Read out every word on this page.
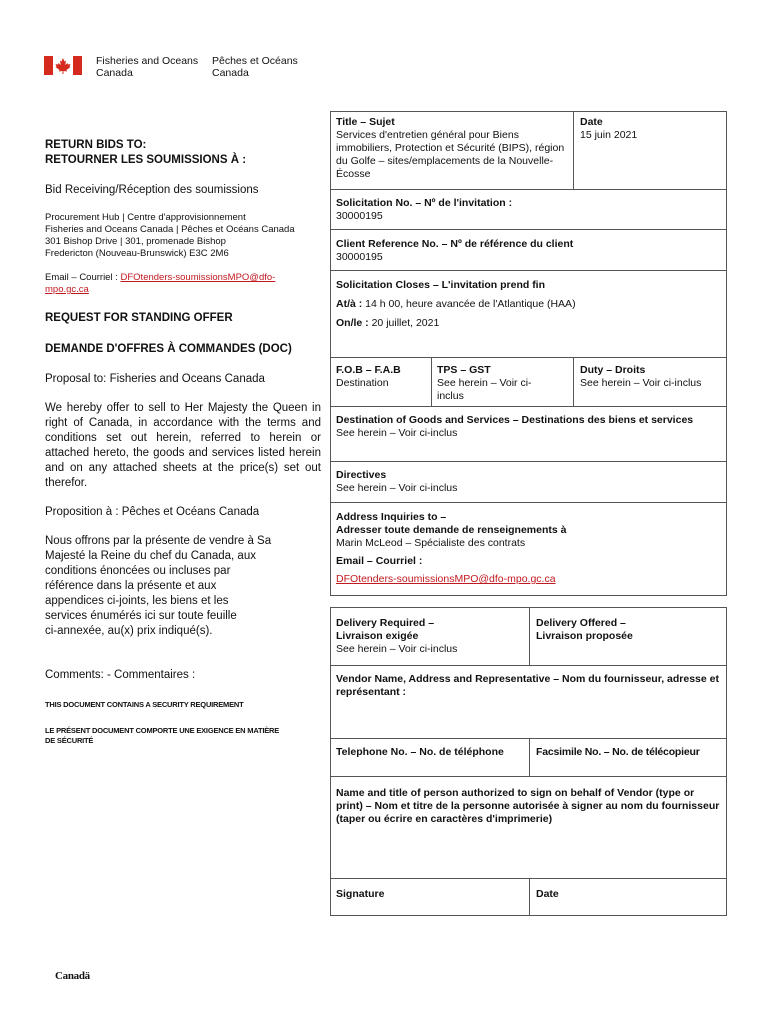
Fisheries and Oceans
Canada
Pêches et Océans
Canada
RETURN BIDS TO:
RETOURNER LES SOUMISSIONS À :
Bid Receiving/Réception des soumissions
Procurement Hub | Centre d'approvisionnement
Fisheries and Oceans Canada | Pêches et Océans Canada
301 Bishop Drive | 301, promenade Bishop
Fredericton (Nouveau-Brunswick) E3C 2M6
Email – Courriel : DFOtenders-soumissionsMPO@dfo-mpo.gc.ca
REQUEST FOR STANDING OFFER
DEMANDE D'OFFRES À COMMANDES (DOC)
Proposal to: Fisheries and Oceans Canada
We hereby offer to sell to Her Majesty the Queen in right of Canada, in accordance with the terms and conditions set out herein, referred to herein or attached hereto, the goods and services listed herein and on any attached sheets at the price(s) set out therefor.
Proposition à : Pêches et Océans Canada
Nous offrons par la présente de vendre à Sa
Majesté la Reine du chef du Canada, aux
conditions énoncées ou incluses par
référence dans la présente et aux
appendices ci-joints, les biens et les
services énumérés ici sur toute feuille
ci-annexée, au(x) prix indiqué(s).
Comments: - Commentaires :
THIS DOCUMENT CONTAINS A SECURITY REQUIREMENT
LE PRÉSENT DOCUMENT COMPORTE UNE EXIGENCE EN MATIÈRE DE SÉCURITÉ
Title – Sujet
Services d'entretien général pour Biens immobiliers, Protection et Sécurité (BIPS), région du Golfe – sites/emplacements de la Nouvelle-Écosse
Date
15 juin 2021
Solicitation No. – Nº de l'invitation :
30000195
Client Reference No. – Nº de référence du client
30000195
Solicitation Closes – L'invitation prend fin
At/à : 14 h 00, heure avancée de l'Atlantique (HAA)
On/le : 20 juillet, 2021
F.O.B – F.A.B
Destination
TPS – GST
See herein – Voir ci-inclus
Duty – Droits
See herein – Voir ci-inclus
Destination of Goods and Services – Destinations des biens et services
See herein – Voir ci-inclus
Directives
See herein – Voir ci-inclus
Address Inquiries to –
Adresser toute demande de renseignements à
Marin McLeod – Spécialiste des contrats
Email – Courriel :
DFOtenders-soumissionsMPO@dfo-mpo.gc.ca
Delivery Required –
Livraison exigée
See herein – Voir ci-inclus
Delivery Offered –
Livraison proposée
Vendor Name, Address and Representative – Nom du fournisseur, adresse et représentant :
Telephone No. – No. de téléphone	Facsimile No. – No. de télécopieur
Name and title of person authorized to sign on behalf of Vendor (type or print) – Nom et titre de la personne autorisée à signer au nom du fournisseur (taper ou écrire en caractères d'imprimerie)
Signature	Date
Canadä
